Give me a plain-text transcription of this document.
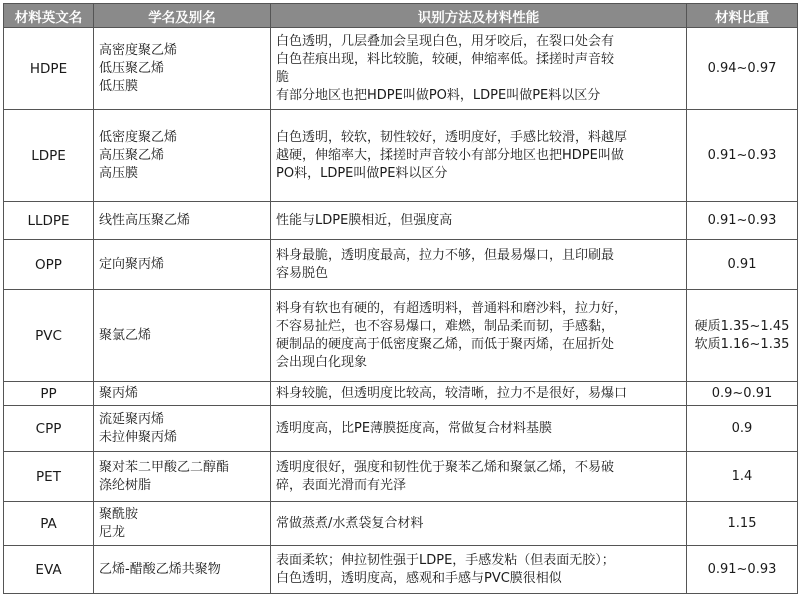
材料英文名	学名及别名	识别方法及材料性能	材料比重
HDPE	高密度聚乙烯
低压聚乙烯
低压膜	白色透明，几层叠加会呈现白色，用牙咬后，在裂口处会有
白色茬痕出现，料比较脆，较硬，伸缩率低。揉搓时声音较
脆
有部分地区也把HDPE叫做PO料，LDPE叫做PE料以区分	0.94~0.97

LDPE	低密度聚乙烯
高压聚乙烯
高压膜	白色透明，较软，韧性较好，透明度好，手感比较滑，料越厚
越硬，伸缩率大，揉搓时声音较小有部分地区也把HDPE叫做
PO料，LDPE叫做PE料以区分	0.91~0.93

LLDPE	线性高压聚乙烯	性能与LDPE膜相近，但强度高	0.91~0.93

OPP	定向聚丙烯	料身最脆，透明度最高，拉力不够，但最易爆口，且印刷最
容易脱色	0.91

PVC	聚氯乙烯	料身有软也有硬的，有超透明料，普通料和磨沙料，拉力好，
不容易扯烂，也不容易爆口，难燃，制品柔而韧，手感黏，
硬制品的硬度高于低密度聚乙烯，而低于聚丙烯，在屈折处
会出现白化现象	硬质1.35~1.45
软质1.16~1.35

PP	聚丙烯	料身较脆，但透明度比较高，较清晰，拉力不是很好，易爆口	0.9~0.91

CPP	流延聚丙烯
未拉伸聚丙烯	透明度高，比PE薄膜挺度高，常做复合材料基膜	0.9

PET	聚对苯二甲酸乙二醇酯
涤纶树脂	透明度很好，强度和韧性优于聚苯乙烯和聚氯乙烯，不易破
碎，表面光滑而有光泽	1.4

PA	聚酰胺
尼龙	常做蒸煮/水煮袋复合材料	1.15

EVA	乙烯-醋酸乙烯共聚物	表面柔软；伸拉韧性强于LDPE，手感发粘（但表面无胶）；
白色透明，透明度高，感观和手感与PVC膜很相似	0.91~0.93
